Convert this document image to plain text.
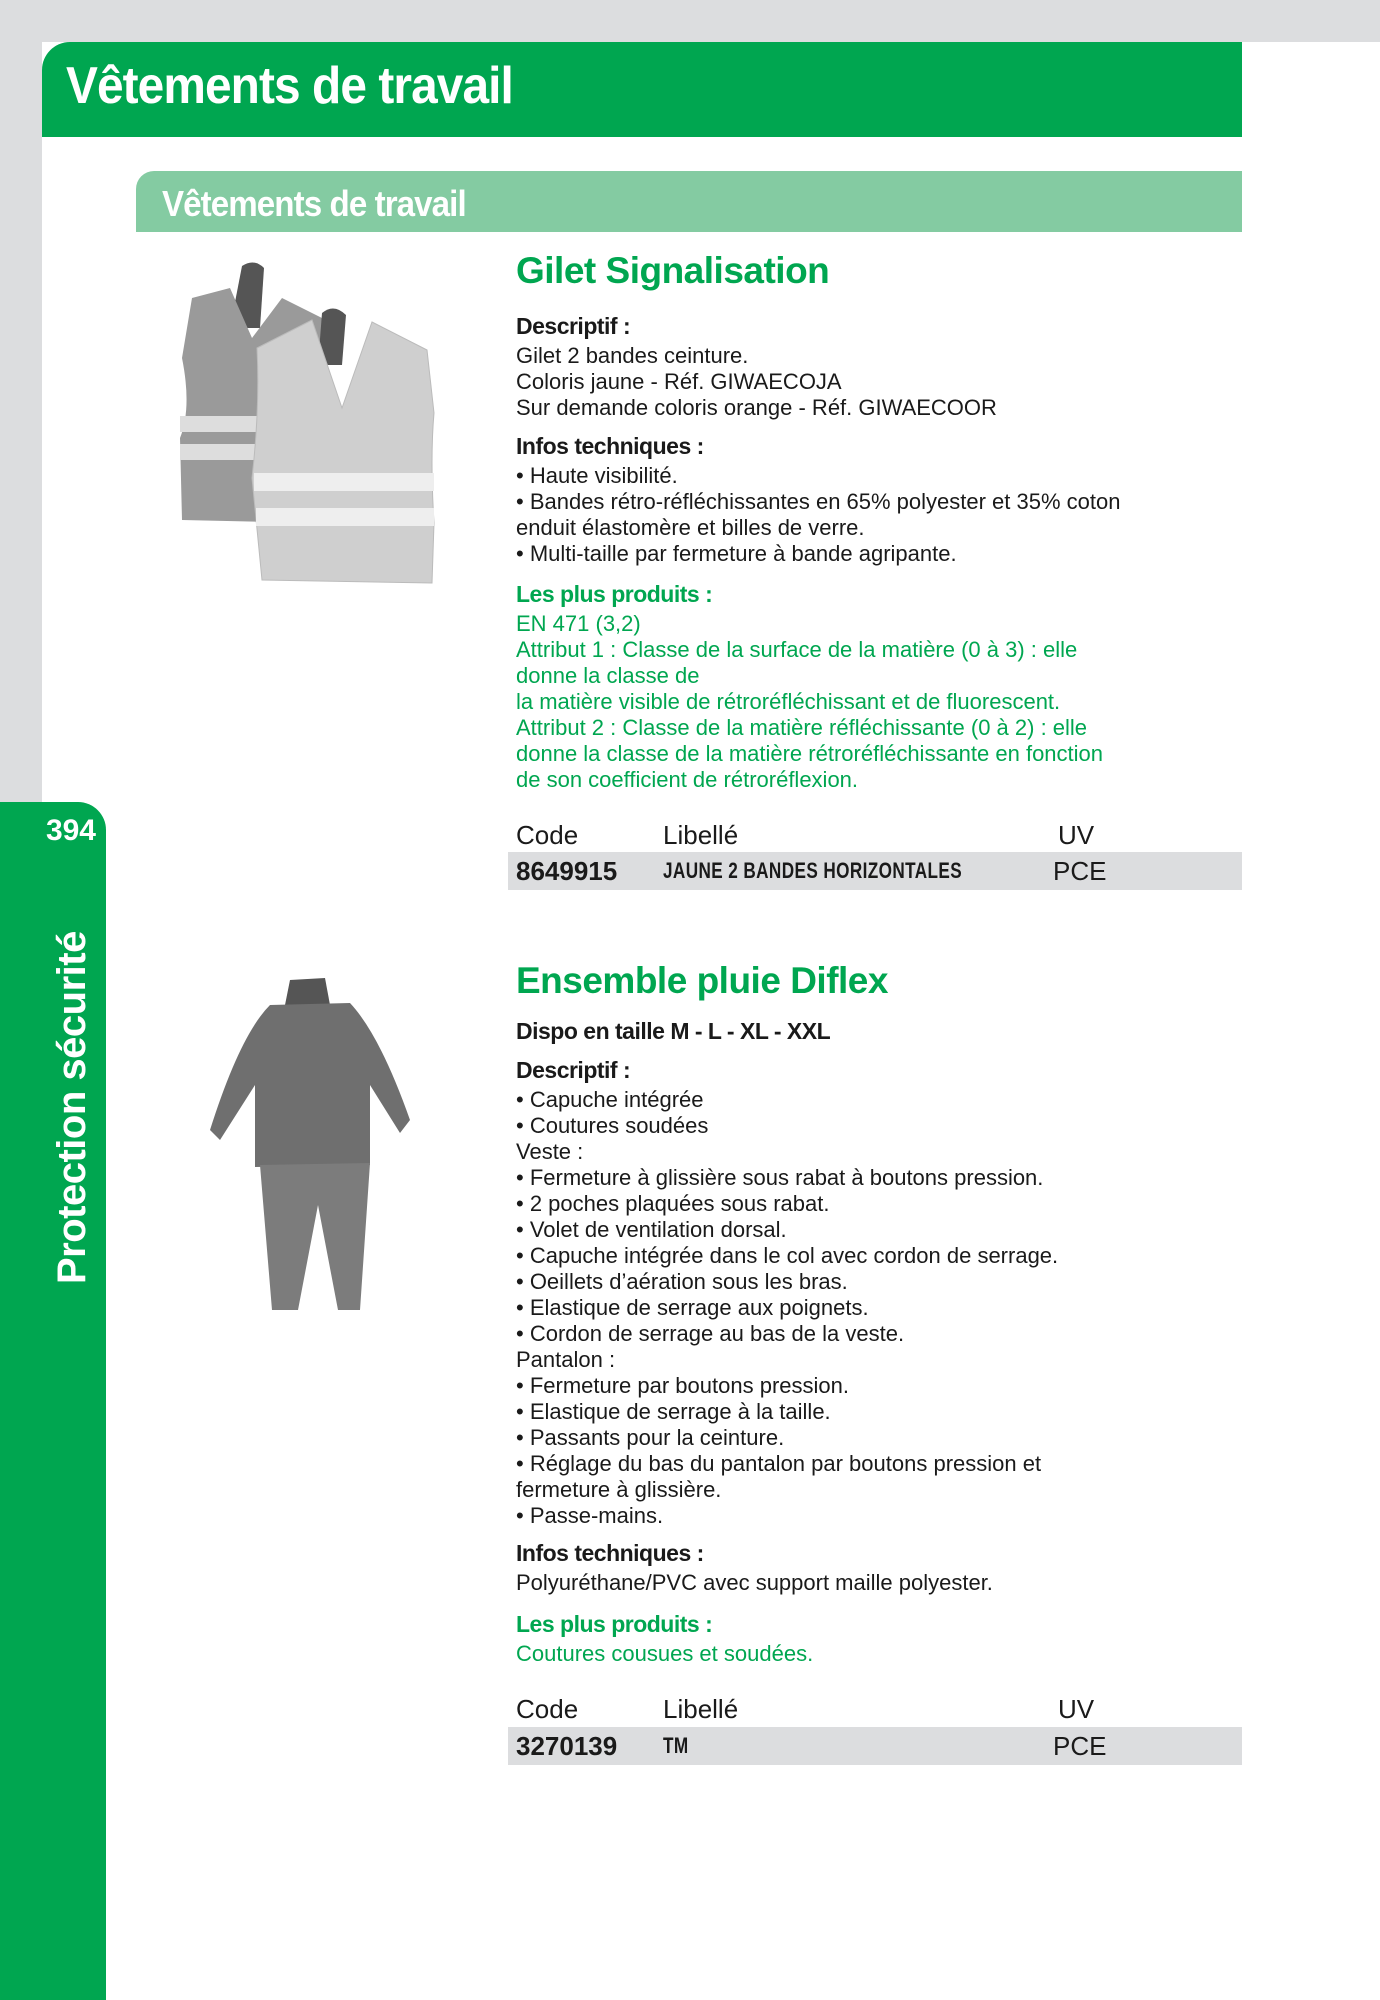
Vêtements de travail
Vêtements de travail
394
Protection sécurité
Gilet Signalisation
Descriptif :
Gilet 2 bandes ceinture.
Coloris jaune - Réf. GIWAECOJA
Sur demande coloris orange - Réf. GIWAECOOR
Infos techniques :
• Haute visibilité.
• Bandes rétro-réfléchissantes en 65% polyester et 35% coton
enduit élastomère et billes de verre.
• Multi-taille par fermeture à bande agripante.
Les plus produits :
EN 471 (3,2)
Attribut 1 : Classe de la surface de la matière (0 à 3) : elle
donne la classe de
la matière visible de rétroréfléchissant et de fluorescent.
Attribut 2 : Classe de la matière réfléchissante (0 à 2) : elle
donne la classe de la matière rétroréfléchissante en fonction
de son coefficient de rétroréflexion.
Code	Libellé	UV
8649915 JAUNE 2 BANDES HORIZONTALES	PCE
Ensemble pluie Diflex
Dispo en taille M - L - XL - XXL
Descriptif :
• Capuche intégrée
• Coutures soudées
Veste :
• Fermeture à glissière sous rabat à boutons pression.
• 2 poches plaquées sous rabat.
• Volet de ventilation dorsal.
• Capuche intégrée dans le col avec cordon de serrage.
• Oeillets d’aération sous les bras.
• Elastique de serrage aux poignets.
• Cordon de serrage au bas de la veste.
Pantalon :
• Fermeture par boutons pression.
• Elastique de serrage à la taille.
• Passants pour la ceinture.
• Réglage du bas du pantalon par boutons pression et
fermeture à glissière.
• Passe-mains.
Infos techniques :
Polyuréthane/PVC avec support maille polyester.
Les plus produits :
Coutures cousues et soudées.
Code	Libellé	UV
3270139 TM	PCE
